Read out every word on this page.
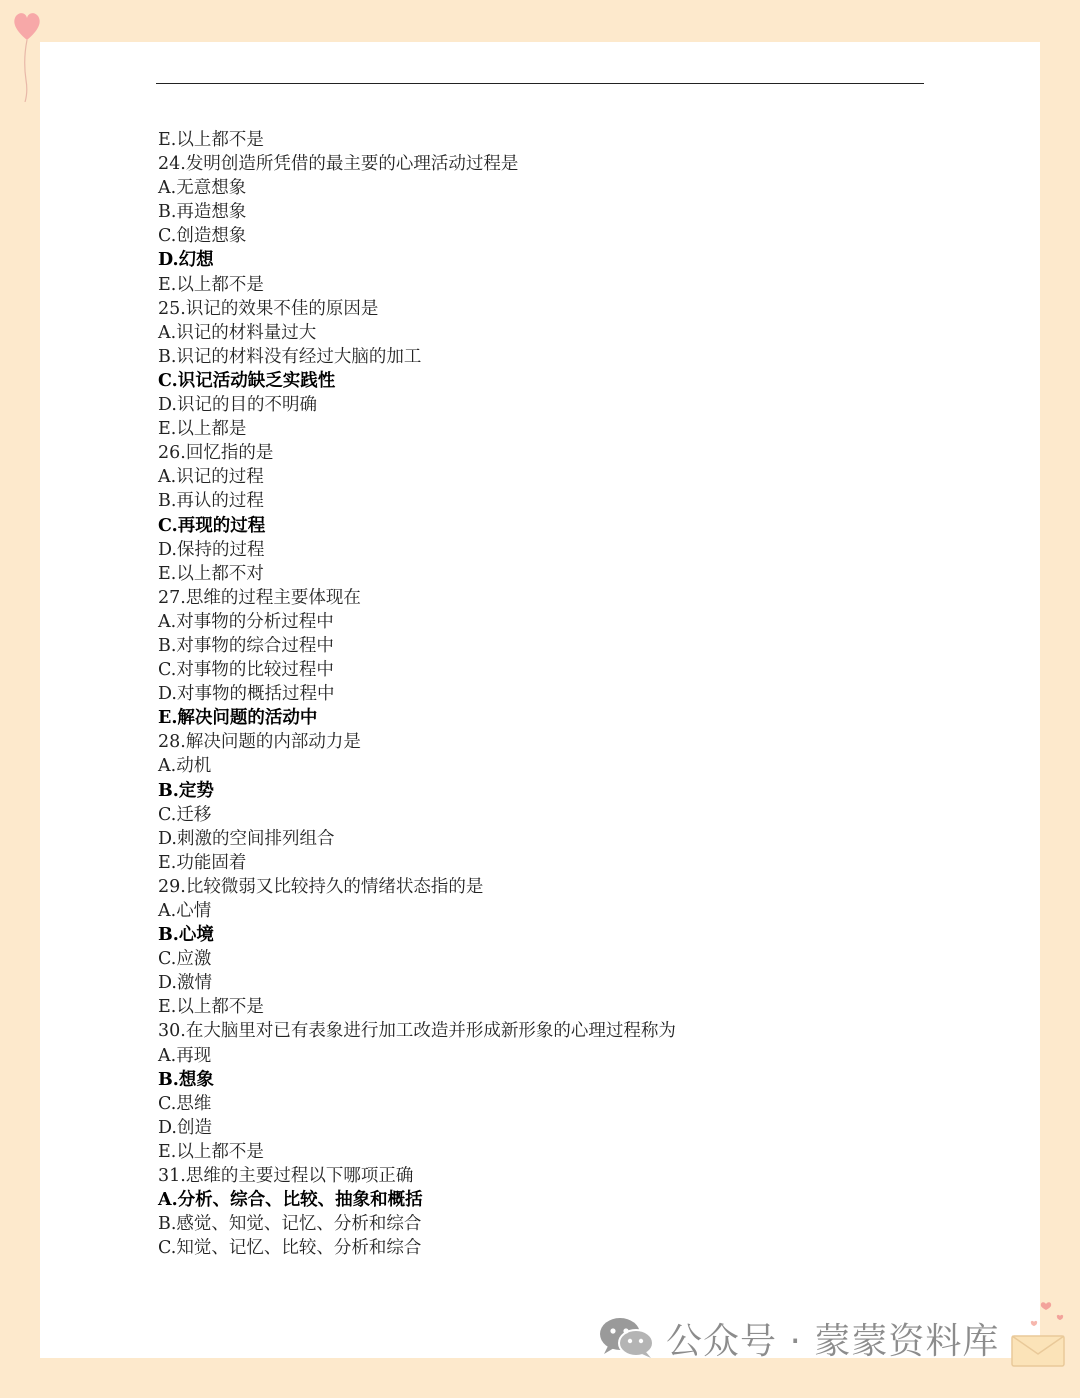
E.以上都不是
24.发明创造所凭借的最主要的心理活动过程是
A.无意想象
B.再造想象
C.创造想象
D.幻想
E.以上都不是
25.识记的效果不佳的原因是
A.识记的材料量过大
B.识记的材料没有经过大脑的加工
C.识记活动缺乏实践性
D.识记的目的不明确
E.以上都是
26.回忆指的是
A.识记的过程
B.再认的过程
C.再现的过程
D.保持的过程
E.以上都不对
27.思维的过程主要体现在
A.对事物的分析过程中
B.对事物的综合过程中
C.对事物的比较过程中
D.对事物的概括过程中
E.解决问题的活动中
28.解决问题的内部动力是
A.动机
B.定势
C.迁移
D.刺激的空间排列组合
E.功能固着
29.比较微弱又比较持久的情绪状态指的是
A.心情
B.心境
C.应激
D.激情
E.以上都不是
30.在大脑里对已有表象进行加工改造并形成新形象的心理过程称为
A.再现
B.想象
C.思维
D.创造
E.以上都不是
31.思维的主要过程以下哪项正确
A.分析、综合、比较、抽象和概括
B.感觉、知觉、记忆、分析和综合
C.知觉、记忆、比较、分析和综合
公众号 · 蒙蒙资料库
